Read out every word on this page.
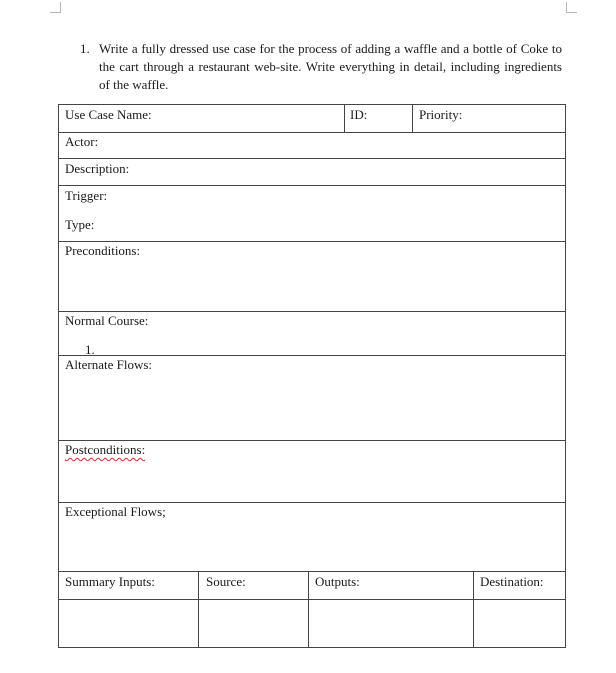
1. Write a fully dressed use case for the process of adding a waffle and a bottle of Coke to the cart through a restaurant web-site. Write everything in detail, including ingredients of the waffle.
Use Case Name:	ID:	Priority:
Actor:
Description:
Trigger:
Type:
Preconditions:
Normal Course:
1.
Alternate Flows:
Postconditions:
Exceptional Flows;
Summary Inputs:	Source:	Outputs:	Destination:
